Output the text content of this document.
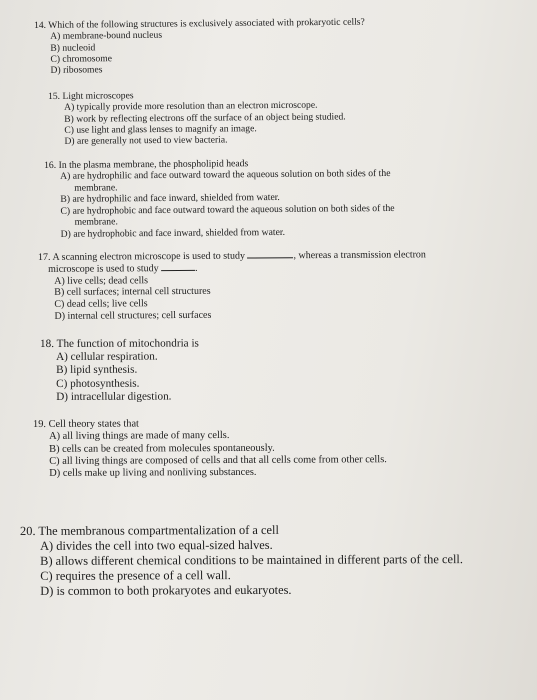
14. Which of the following structures is exclusively associated with prokaryotic cells?
A) membrane-bound nucleus
B) nucleoid
C) chromosome
D) ribosomes
15. Light microscopes
A) typically provide more resolution than an electron microscope.
B) work by reflecting electrons off the surface of an object being studied.
C) use light and glass lenses to magnify an image.
D) are generally not used to view bacteria.
16. In the plasma membrane, the phospholipid heads
A) are hydrophilic and face outward toward the aqueous solution on both sides of the
membrane.
B) are hydrophilic and face inward, shielded from water.
C) are hydrophobic and face outward toward the aqueous solution on both sides of the
membrane.
D) are hydrophobic and face inward, shielded from water.
17. A scanning electron microscope is used to study	, whereas a transmission electron
microscope is used to study	.
A) live cells; dead cells
B) cell surfaces; internal cell structures
C) dead cells; live cells
D) internal cell structures; cell surfaces
18. The function of mitochondria is
A) cellular respiration.
B) lipid synthesis.
C) photosynthesis.
D) intracellular digestion.
19. Cell theory states that
A) all living things are made of many cells.
B) cells can be created from molecules spontaneously.
C) all living things are composed of cells and that all cells come from other cells.
D) cells make up living and nonliving substances.
20. The membranous compartmentalization of a cell
A) divides the cell into two equal-sized halves.
B) allows different chemical conditions to be maintained in different parts of the cell.
C) requires the presence of a cell wall.
D) is common to both prokaryotes and eukaryotes.
